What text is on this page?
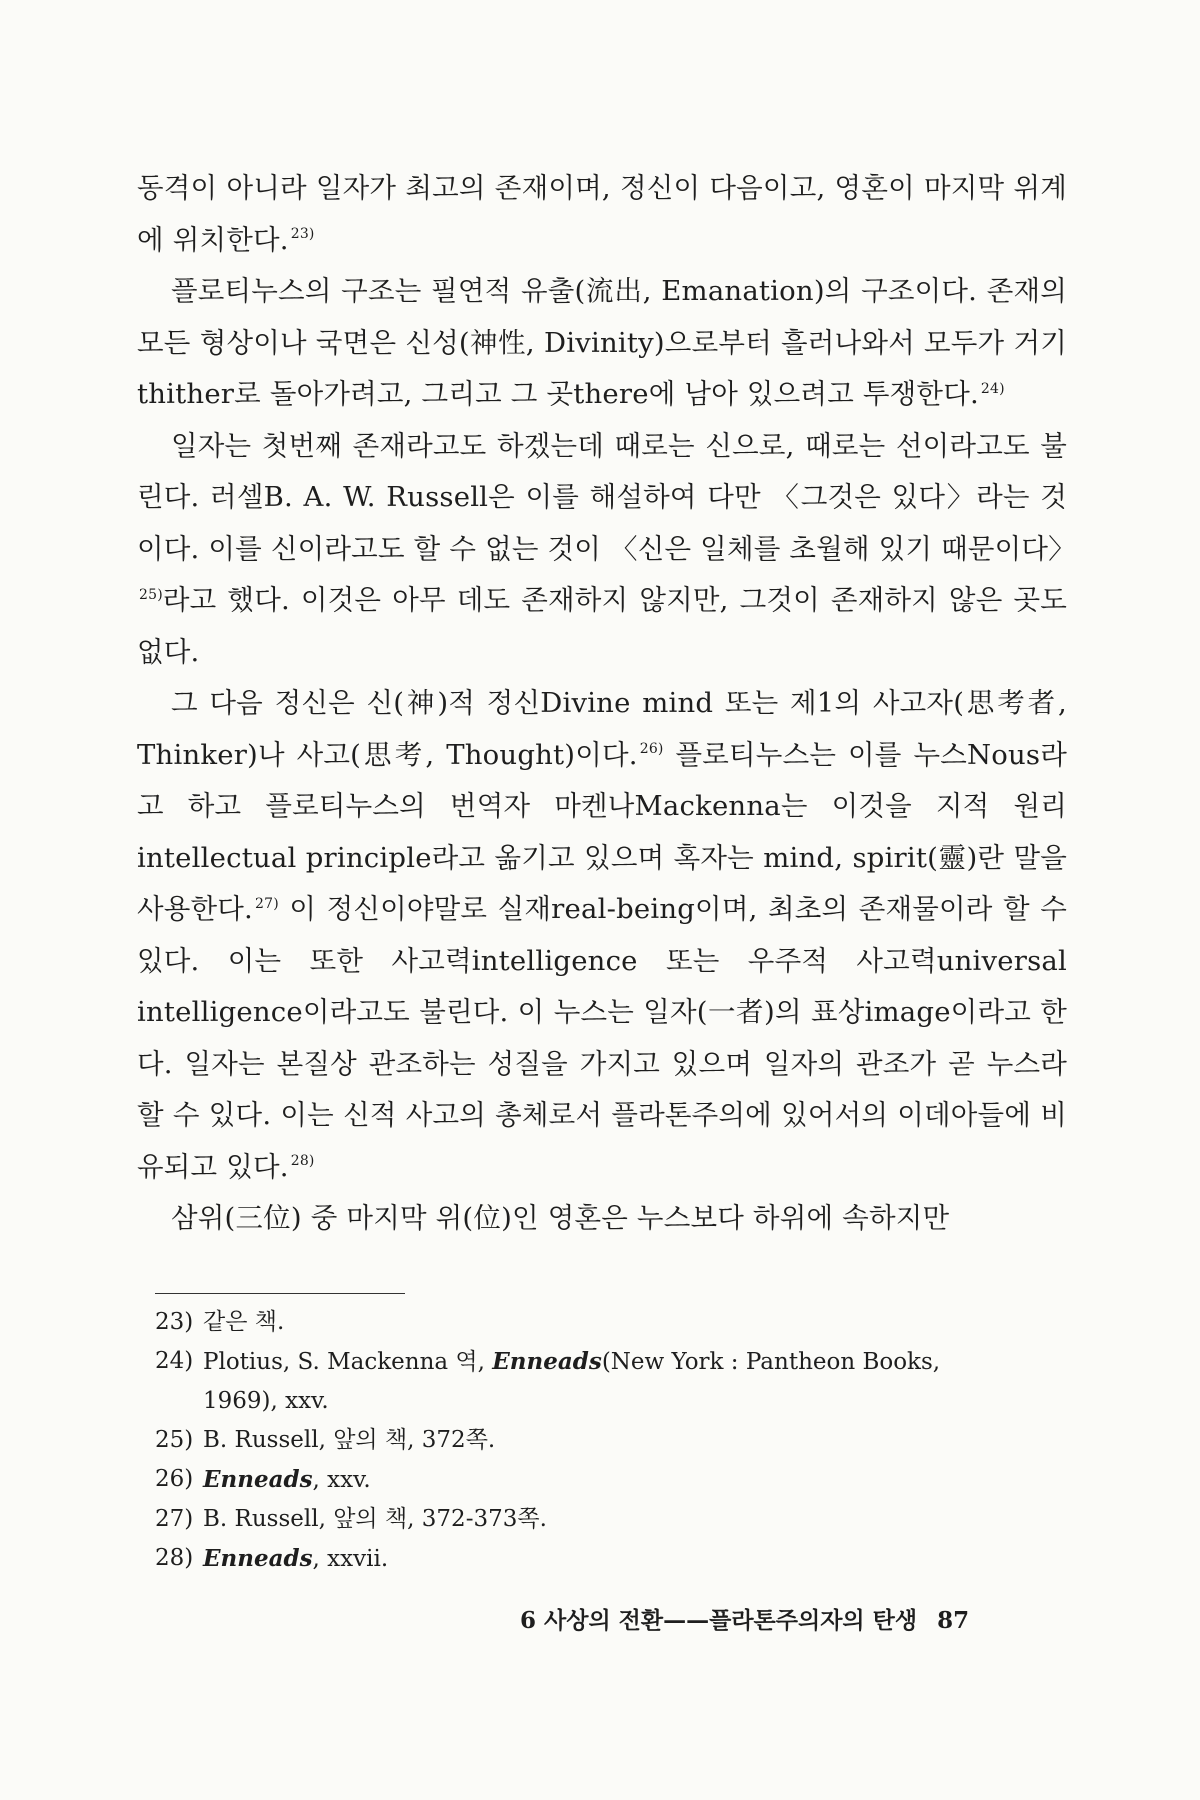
동격이 아니라 일자가 최고의 존재이며, 정신이 다음이고, 영혼이 마지막 위계에 위치한다. $^{23)}$

플로티누스의 구조는 필연적 유출(流出, Emanation)의 구조이다. 존재의 모든 형상이나 국면은 신성(神性, Divinity)으로부터 흘러나와서 모두가 거기thither로 돌아가려고, 그리고 그 곳there에 남아 있으려고 투쟁한다. $^{24)}$

일자는 첫번째 존재라고도 하겠는데 때로는 신으로, 때로는 선이라고도 불린다. 러셀B. A. W. Russell은 이를 해설하여 다만 〈그것은 있다〉라는 것이다. 이를 신이라고도 할 수 없는 것이 〈신은 일체를 초월해 있기 때문이다〉$^{25)}$라고 했다. 이것은 아무 데도 존재하지 않지만, 그것이 존재하지 않은 곳도 없다.

그 다음 정신은 신(神)적 정신Divine mind 또는 제1의 사고자(思考者, Thinker)나 사고(思考, Thought)이다. $^{26)}$ 플로티누스는 이를 누스Nous라고 하고 플로티누스의 번역자 마켄나Mackenna는 이것을 지적 원리intellectual principle라고 옮기고 있으며 혹자는 mind, spirit(靈)란 말을 사용한다. $^{27)}$ 이 정신이야말로 실재real-being이며, 최초의 존재물이라 할 수 있다. 이는 또한 사고력intelligence 또는 우주적 사고력universal intelligence이라고도 불린다. 이 누스는 일자(一者)의 표상image이라고 한다. 일자는 본질상 관조하는 성질을 가지고 있으며 일자의 관조가 곧 누스라 할 수 있다. 이는 신적 사고의 총체로서 플라톤주의에 있어서의 이데아들에 비유되고 있다. $^{28)}$

삼위(三位) 중 마지막 위(位)인 영혼은 누스보다 하위에 속하지만

23) 같은 책.
24) Plotius, S. Mackenna 역, Enneads(New York : Pantheon Books,
1969), xxv.
25) B. Russell, 앞의 책, 372쪽.
26) Enneads, xxv.
27) B. Russell, 앞의 책, 372-373쪽.
28) Enneads, xxvii.
6 사상의 전환——플라톤주의자의 탄생 87
